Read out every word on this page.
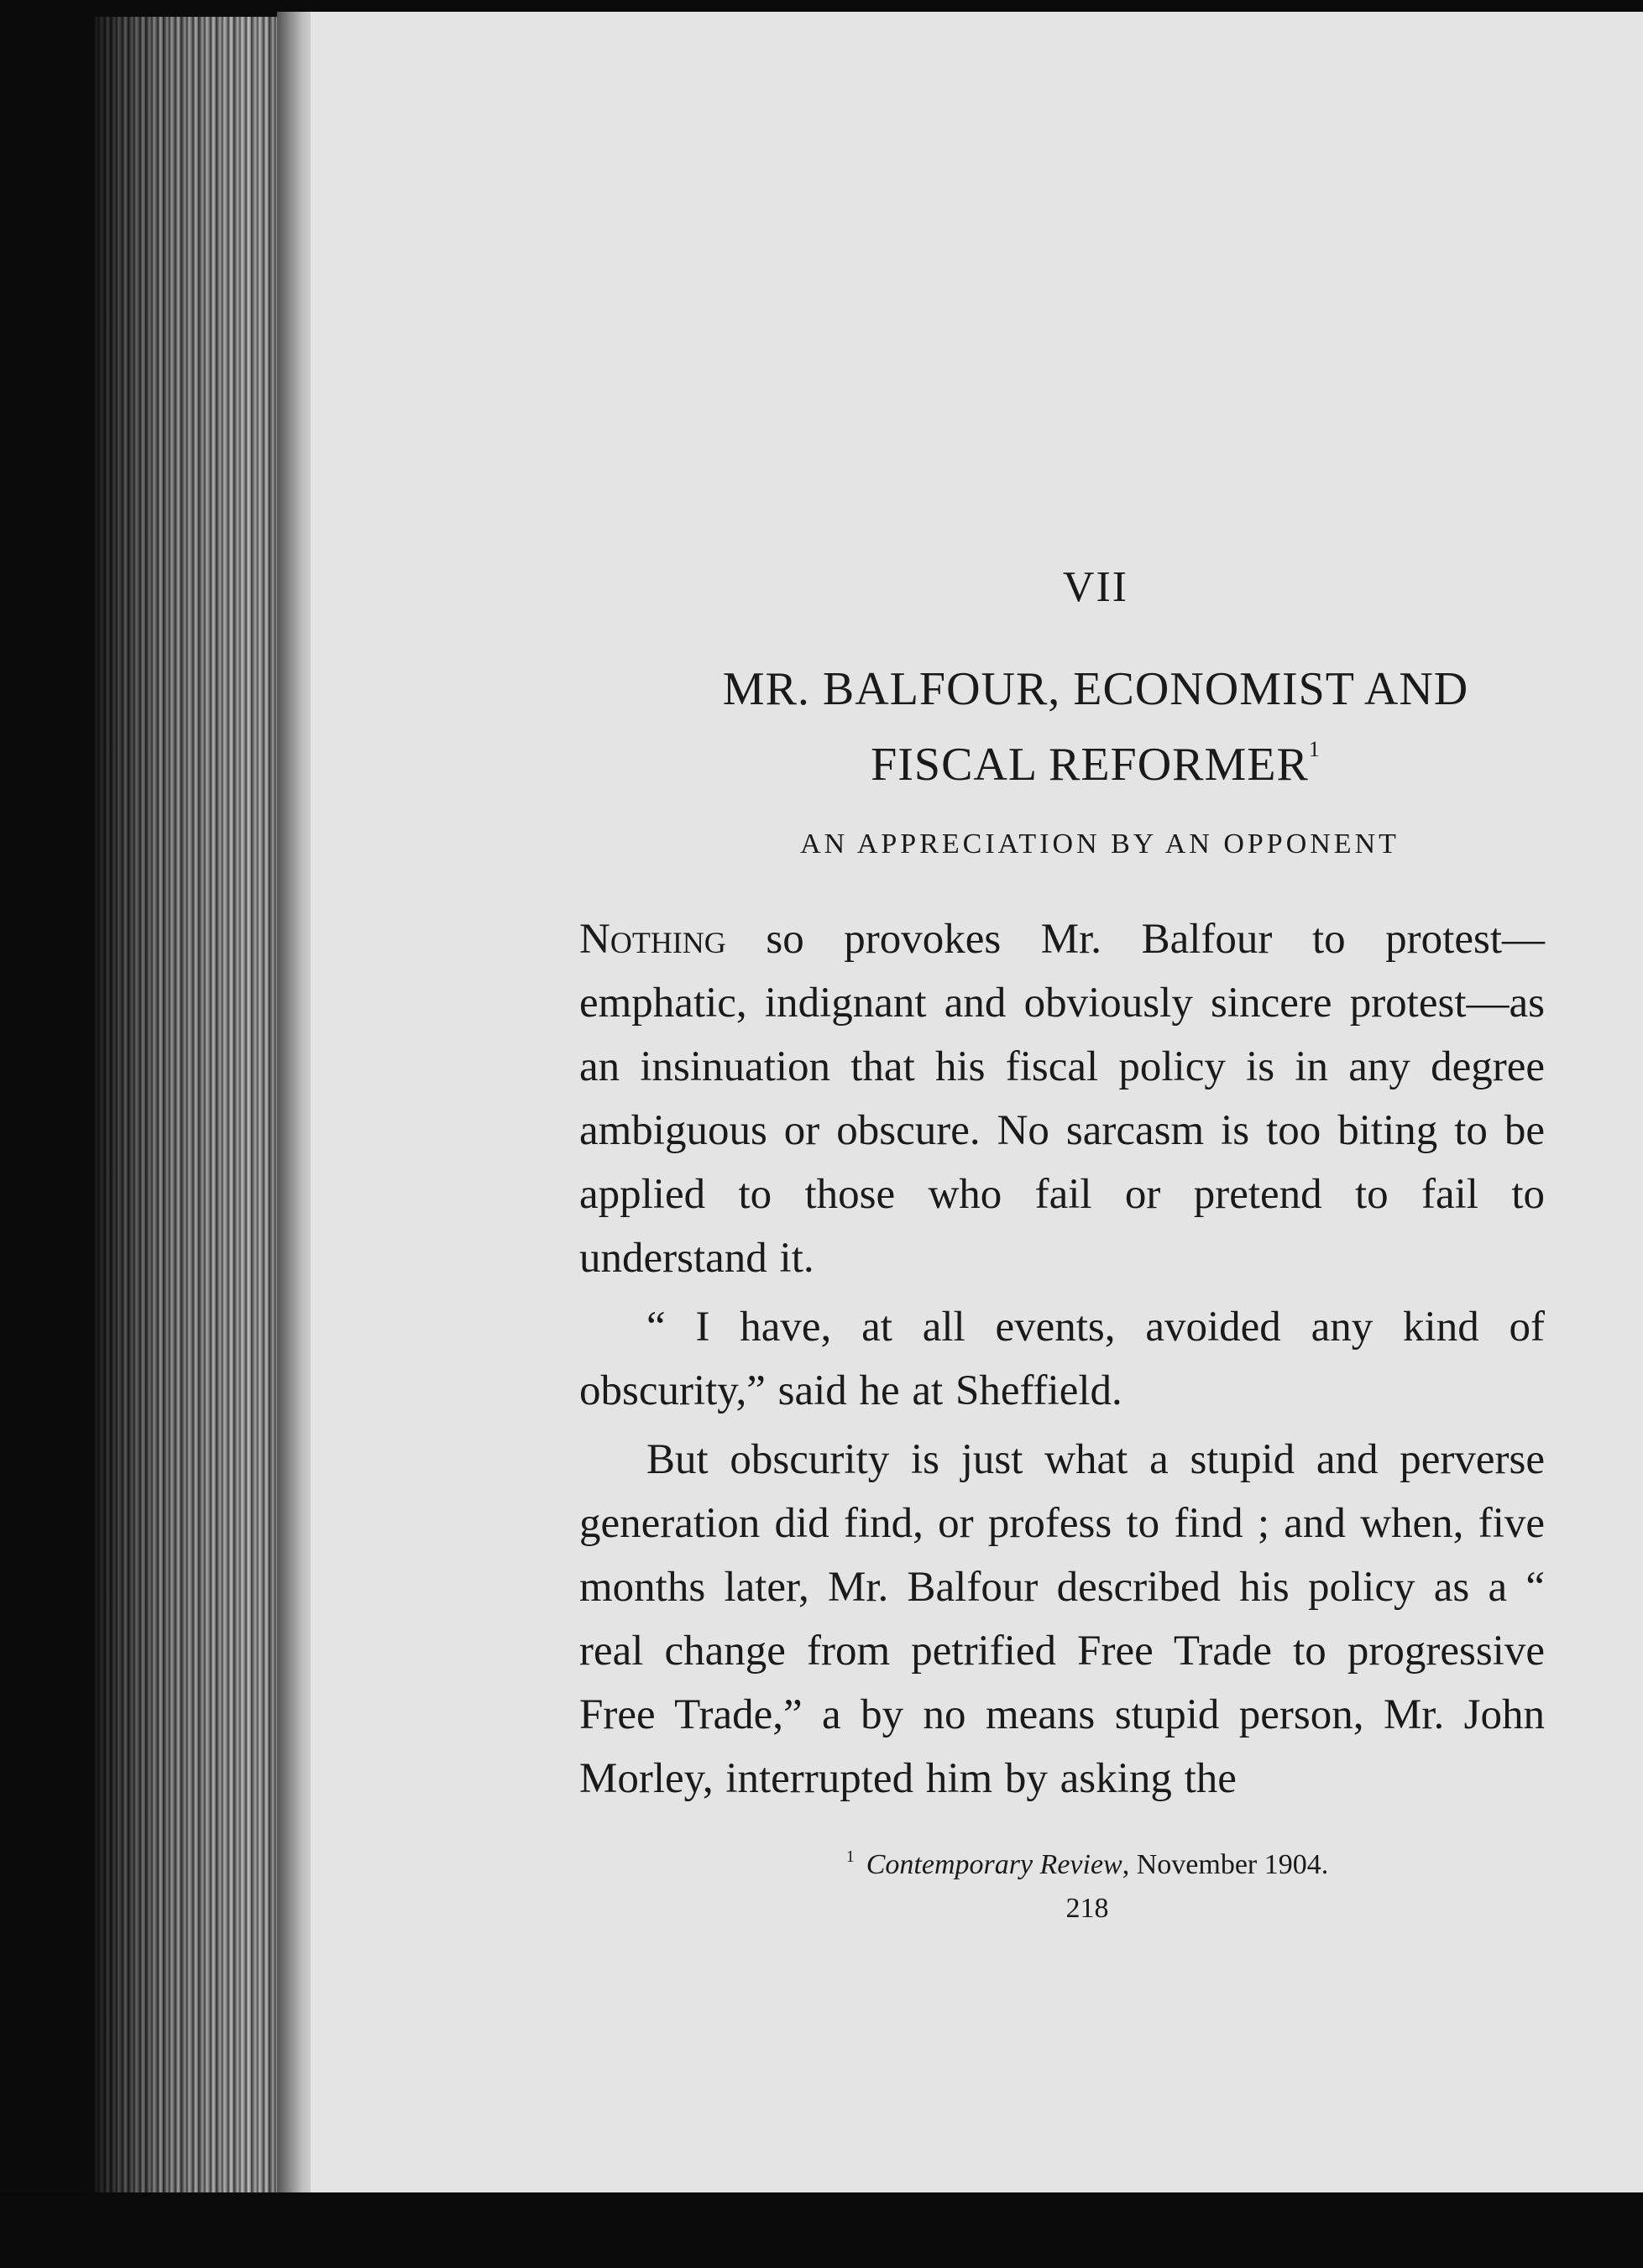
VII
MR. BALFOUR, ECONOMIST AND
FISCAL REFORMER$^1$
AN APPRECIATION BY AN OPPONENT

Nothing so provokes Mr. Balfour to protest—emphatic, indignant and obviously sincere protest—as an insinuation that his fiscal policy is in any degree ambiguous or obscure. No sarcasm is too biting to be applied to those who fail or pretend to fail to understand it.

“ I have, at all events, avoided any kind of obscurity,” said he at Sheffield.

But obscurity is just what a stupid and perverse generation did find, or profess to find ; and when, five months later, Mr. Balfour described his policy as a “ real change from petrified Free Trade to progressive Free Trade,” a by no means stupid person, Mr. John Morley, interrupted him by asking the

$^1$ Contemporary Review, November 1904.
218
